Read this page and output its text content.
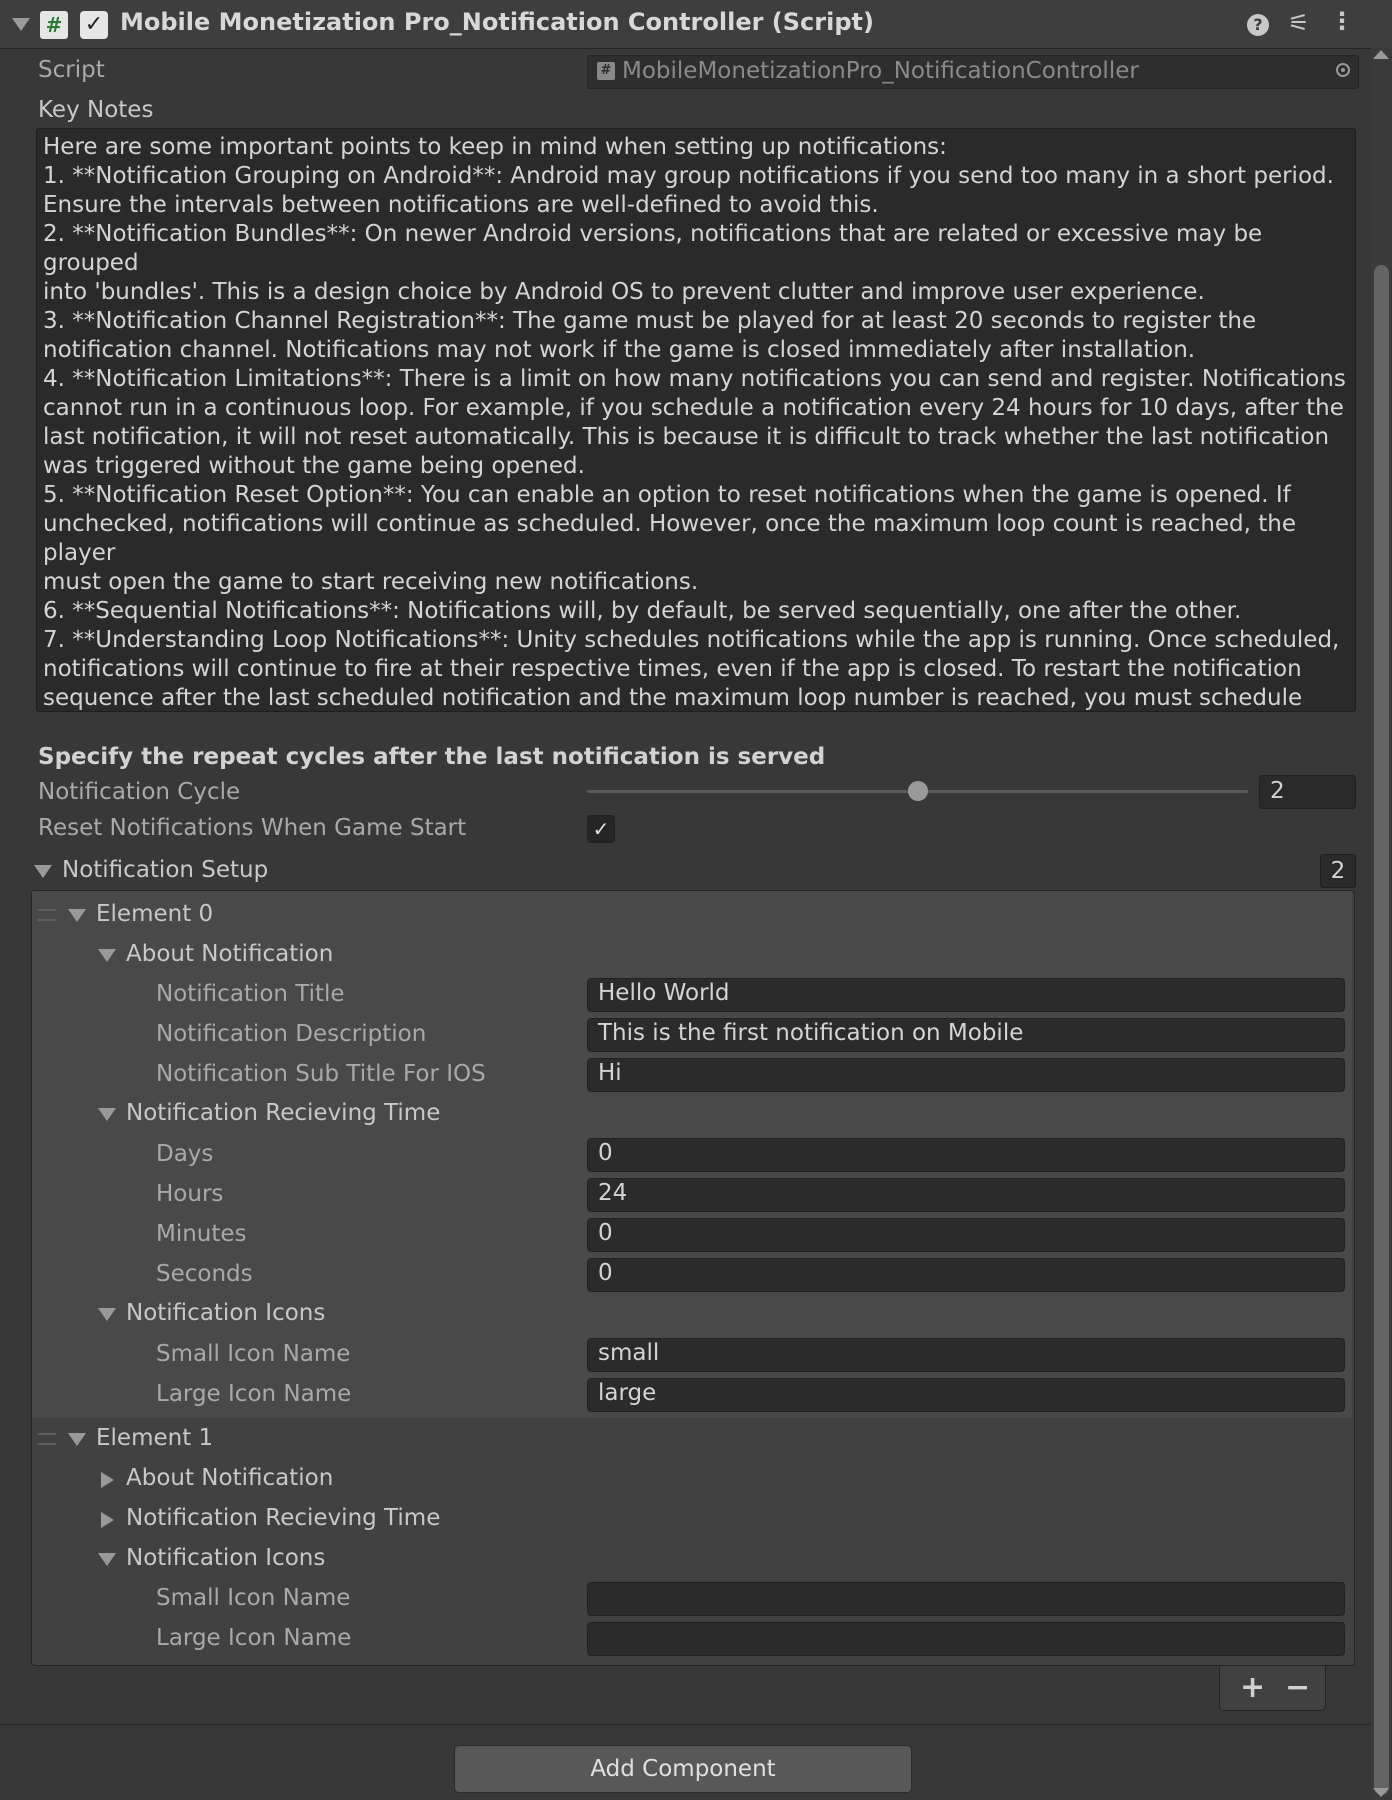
# ✓ Mobile Monetization Pro_Notification Controller (Script)	? ⚟ ⋮
Script	# MobileMonetizationPro_NotificationController
Key Notes
Here are some important points to keep in mind when setting up notifications:
1. **Notification Grouping on Android**: Android may group notifications if you send too many in a short period.
Ensure the intervals between notifications are well-defined to avoid this.
2. **Notification Bundles**: On newer Android versions, notifications that are related or excessive may be grouped
into 'bundles'. This is a design choice by Android OS to prevent clutter and improve user experience.
3. **Notification Channel Registration**: The game must be played for at least 20 seconds to register the
notification channel. Notifications may not work if the game is closed immediately after installation.
4. **Notification Limitations**: There is a limit on how many notifications you can send and register. Notifications
cannot run in a continuous loop. For example, if you schedule a notification every 24 hours for 10 days, after the
last notification, it will not reset automatically. This is because it is difficult to track whether the last notification
was triggered without the game being opened.
5. **Notification Reset Option**: You can enable an option to reset notifications when the game is opened. If
unchecked, notifications will continue as scheduled. However, once the maximum loop count is reached, the player
must open the game to start receiving new notifications.
6. **Sequential Notifications**: Notifications will, by default, be served sequentially, one after the other.
7. **Understanding Loop Notifications**: Unity schedules notifications while the app is running. Once scheduled,
notifications will continue to fire at their respective times, even if the app is closed. To restart the notification
sequence after the last scheduled notification and the maximum loop number is reached, you must schedule

Specify the repeat cycles after the last notification is served
Notification Cycle	2
Reset Notifications When Game Start	✓
Notification Setup	2
Element 0
About Notification
Notification Title	Hello World
Notification Description	This is the first notification on Mobile
Notification Sub Title For IOS	Hi
Notification Recieving Time
Days	0
Hours	24
Minutes	0
Seconds	0
Notification Icons
Small Icon Name	small
Large Icon Name	large
Element 1
About Notification
Notification Recieving Time
Notification Icons
Small Icon Name
Large Icon Name
+ −
Add Component
